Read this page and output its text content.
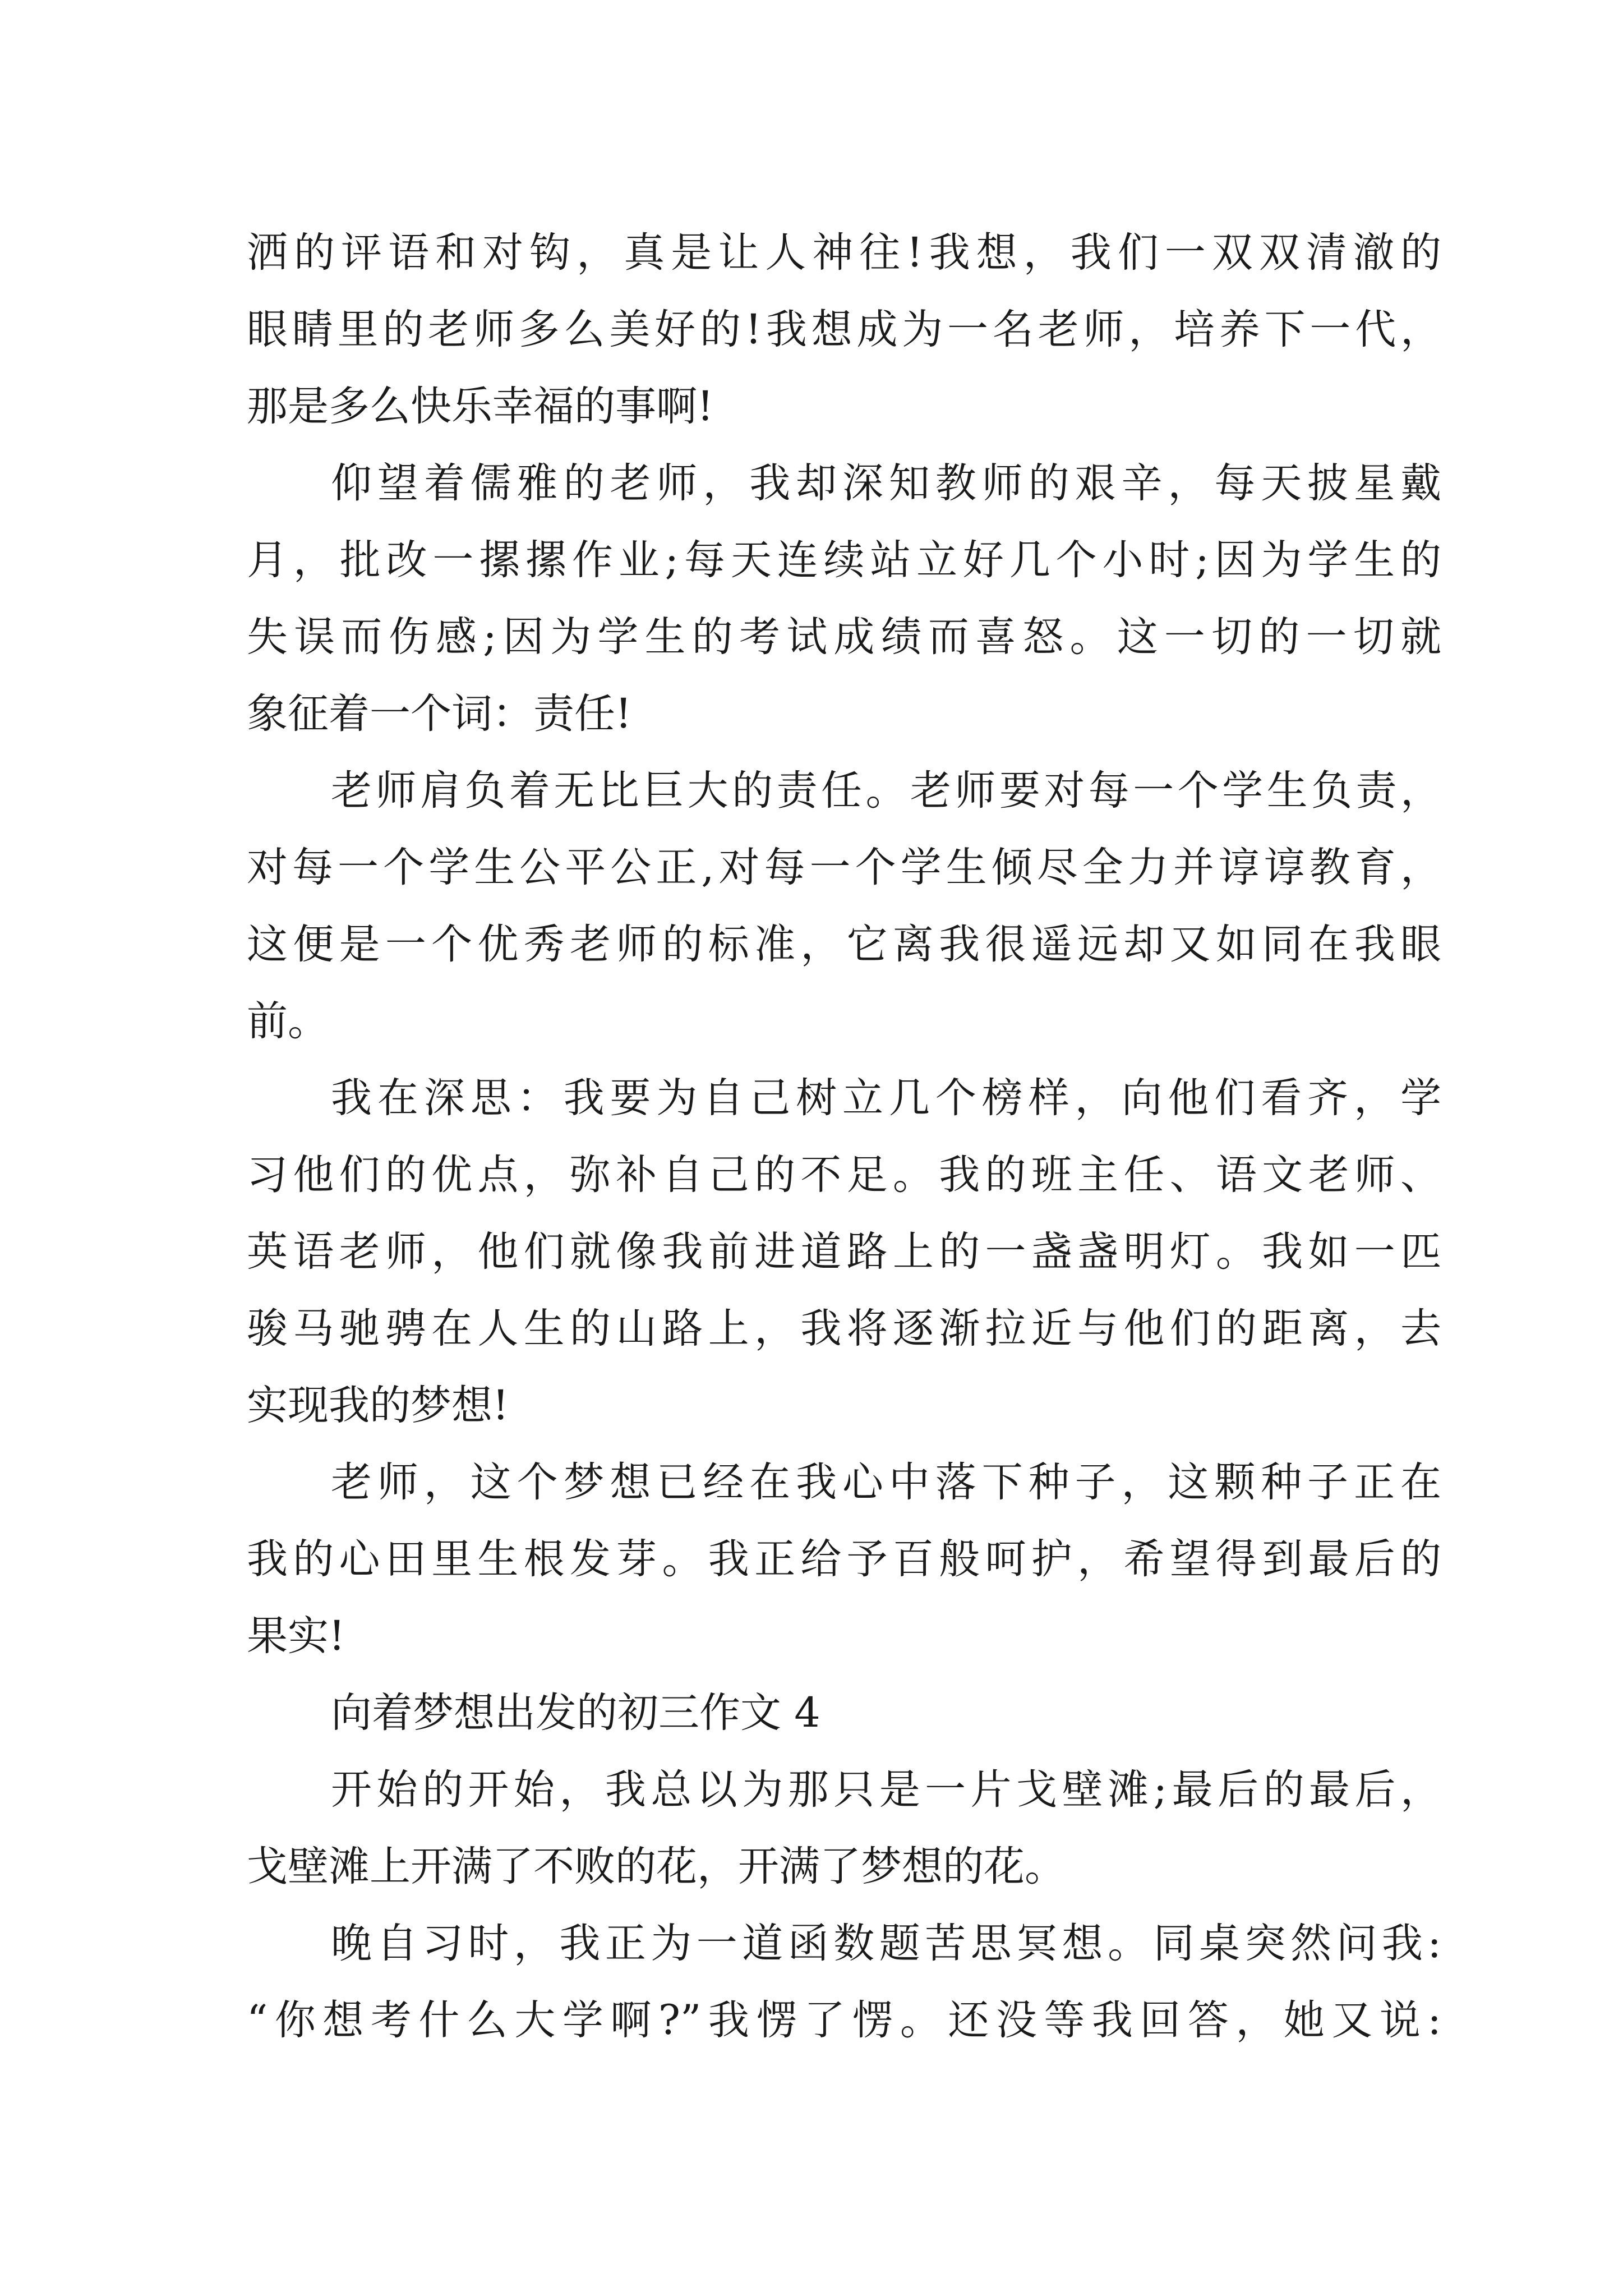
洒的评语和对钩，真是让人神往!我想，我们一双双清澈的
眼睛里的老师多么美好的!我想成为一名老师，培养下一代，
那是多么快乐幸福的事啊!
仰望着儒雅的老师，我却深知教师的艰辛，每天披星戴
月，批改一摞摞作业;每天连续站立好几个小时;因为学生的
失误而伤感;因为学生的考试成绩而喜怒。这一切的一切就
象征着一个词：责任!
老师肩负着无比巨大的责任。老师要对每一个学生负责，
对每一个学生公平公正,对每一个学生倾尽全力并谆谆教育，
这便是一个优秀老师的标准，它离我很遥远却又如同在我眼
前。
我在深思：我要为自己树立几个榜样，向他们看齐，学
习他们的优点，弥补自己的不足。我的班主任、语文老师、
英语老师，他们就像我前进道路上的一盏盏明灯。我如一匹
骏马驰骋在人生的山路上，我将逐渐拉近与他们的距离，去
实现我的梦想!
老师，这个梦想已经在我心中落下种子，这颗种子正在
我的心田里生根发芽。我正给予百般呵护，希望得到最后的
果实!
向着梦想出发的初三作文 4
开始的开始，我总以为那只是一片戈壁滩;最后的最后，
戈壁滩上开满了不败的花，开满了梦想的花。
晚自习时，我正为一道函数题苦思冥想。同桌突然问我:
“你想考什么大学啊?”我愣了愣。还没等我回答，她又说:
